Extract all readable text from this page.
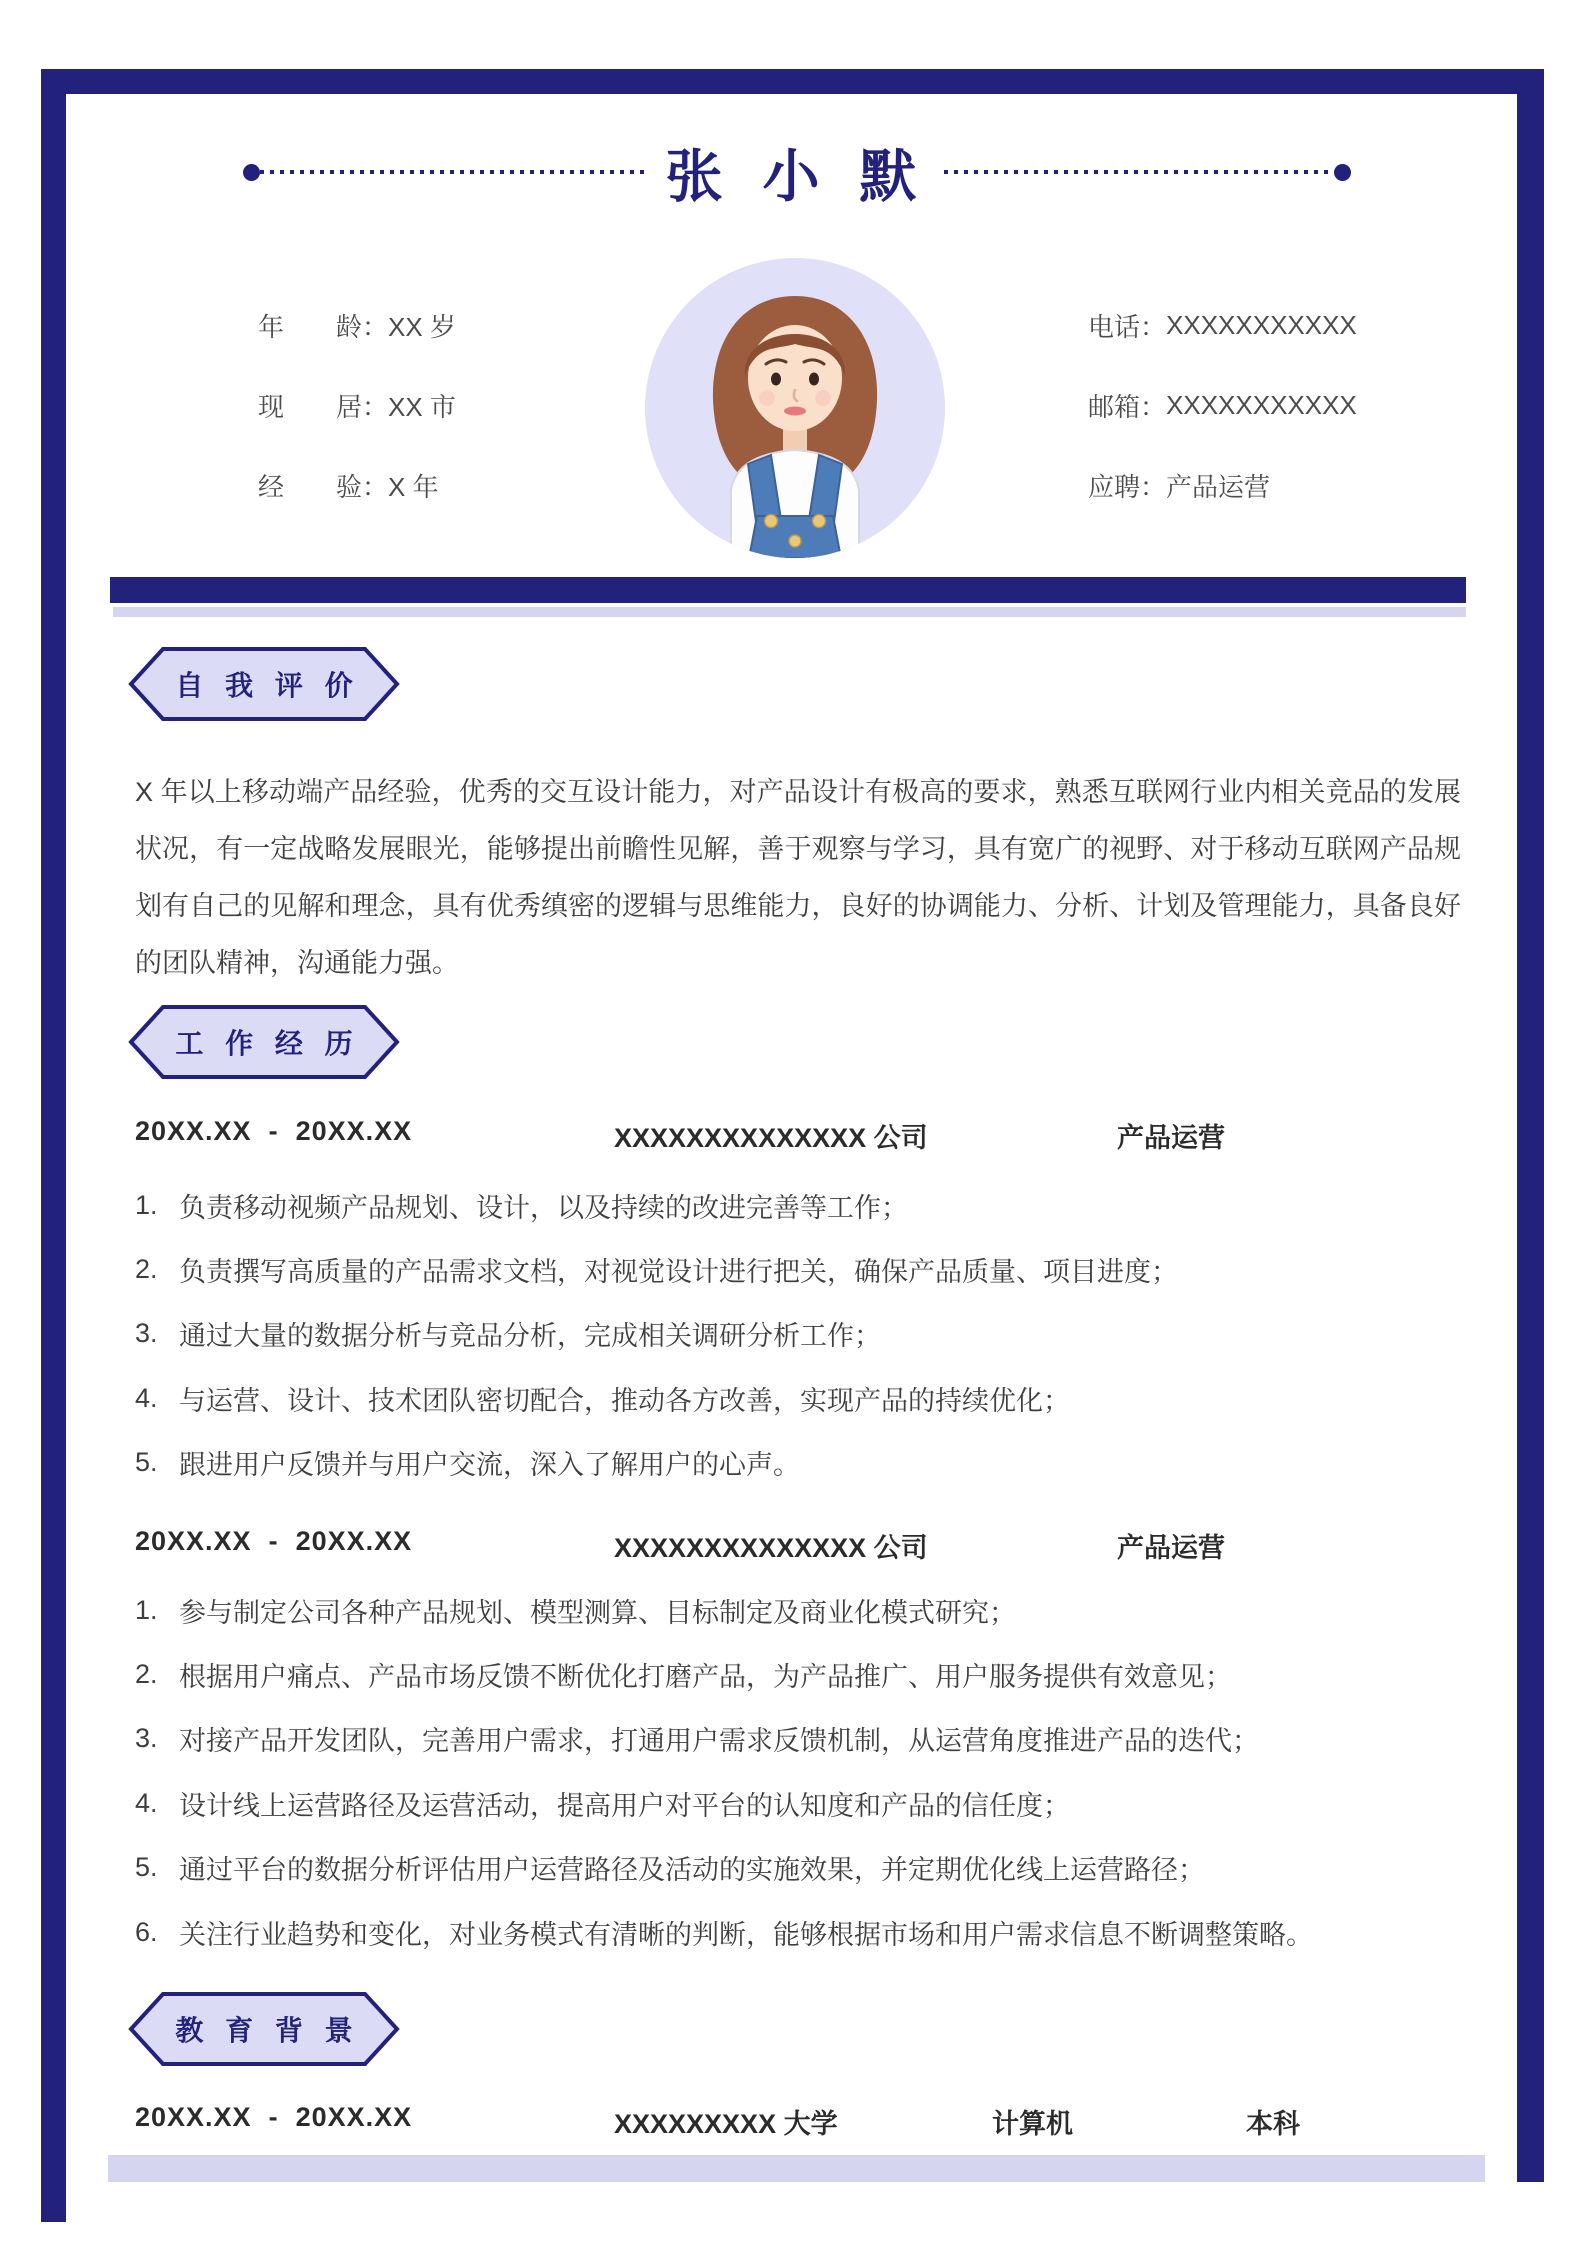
张 小 默
年　　龄： XX 岁
现　　居： XX 市
经　　验： X 年
电话： XXXXXXXXXXX
邮箱： XXXXXXXXXXX
应聘： 产品运营
自 我 评 价

X 年以上移动端产品经验，优秀的交互设计能力，对产品设计有极高的要求，熟悉互联网行业内相关竞品的发展状况，有一定战略发展眼光，能够提出前瞻性见解，善于观察与学习，具有宽广的视野、对于移动互联网产品规划有自己的见解和理念，具有优秀缜密的逻辑与思维能力，良好的协调能力、分析、计划及管理能力，具备良好的团队精神，沟通能力强。

工 作 经 历
20XX.XX  -  20XX.XX	XXXXXXXXXXXXXX 公司	产品运营
1. 负责移动视频产品规划、设计，以及持续的改进完善等工作；
2. 负责撰写高质量的产品需求文档，对视觉设计进行把关，确保产品质量、项目进度；
3. 通过大量的数据分析与竞品分析，完成相关调研分析工作；
4. 与运营、设计、技术团队密切配合，推动各方改善，实现产品的持续优化；
5. 跟进用户反馈并与用户交流，深入了解用户的心声。
20XX.XX  -  20XX.XX	XXXXXXXXXXXXXX 公司	产品运营
1. 参与制定公司各种产品规划、模型测算、目标制定及商业化模式研究；
2. 根据用户痛点、产品市场反馈不断优化打磨产品，为产品推广、用户服务提供有效意见；
3. 对接产品开发团队，完善用户需求，打通用户需求反馈机制，从运营角度推进产品的迭代；
4. 设计线上运营路径及运营活动，提高用户对平台的认知度和产品的信任度；
5. 通过平台的数据分析评估用户运营路径及活动的实施效果，并定期优化线上运营路径；
6. 关注行业趋势和变化，对业务模式有清晰的判断，能够根据市场和用户需求信息不断调整策略。
教 育 背 景
20XX.XX  -  20XX.XX	XXXXXXXXX 大学	计算机	本科
